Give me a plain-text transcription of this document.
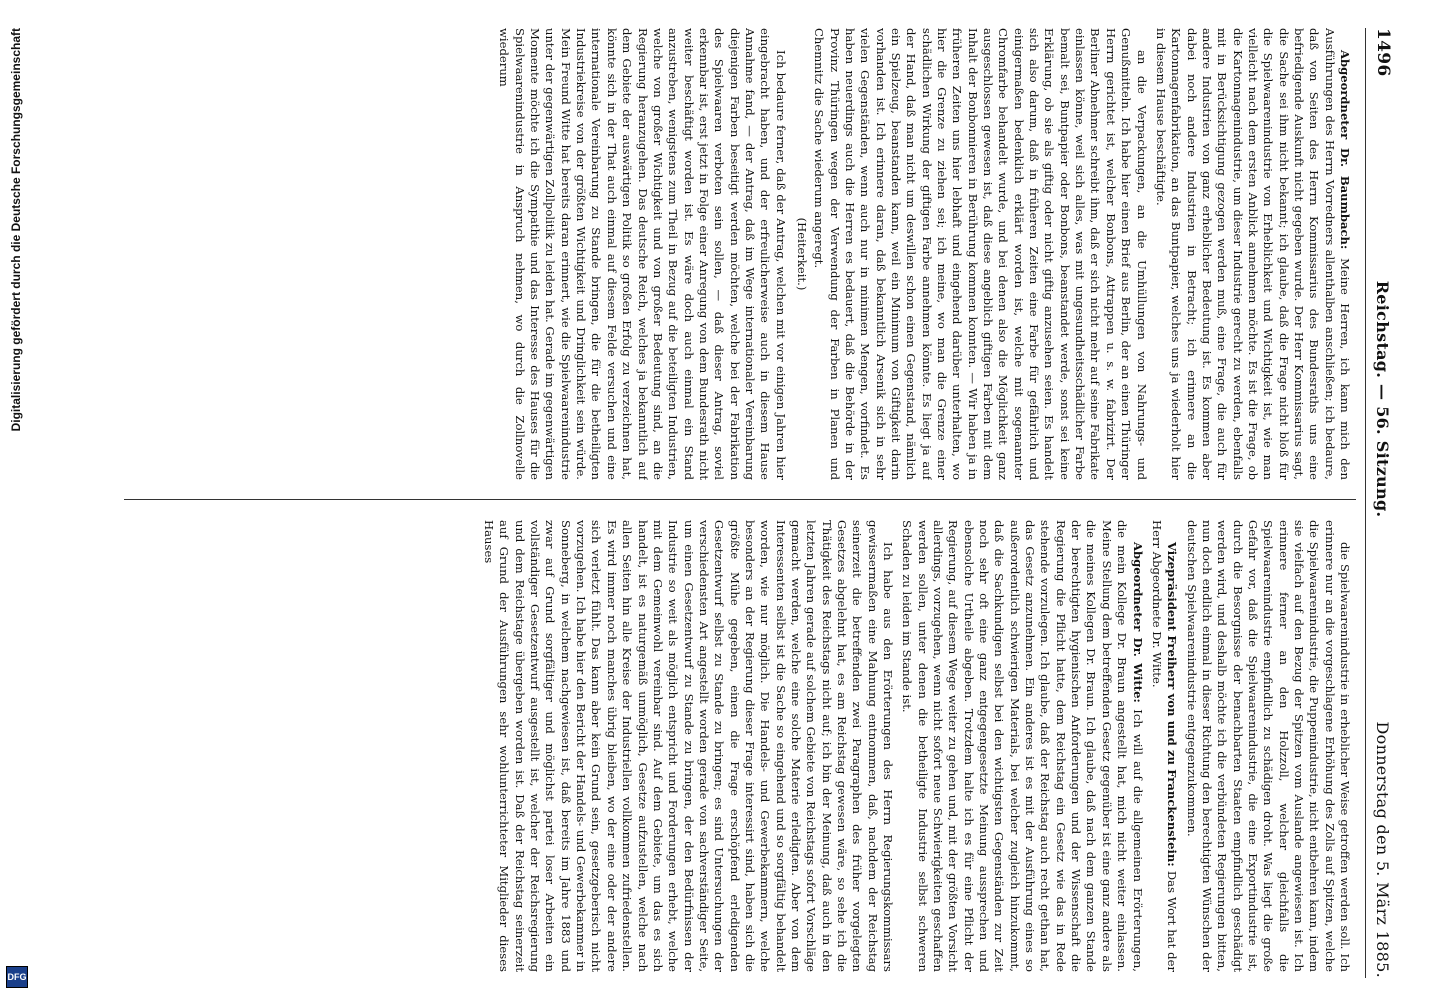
1496
Reichstag. — 56. Sitzung.
Donnerstag den 5. März 1885.

Abgeordneter Dr. Baumbach: Meine Herren, ich kann mich den Ausführungen des Herrn Vorredners allenthalben anschließen; ich bedaure, daß von Seiten des Herrn Kommissarius des Bundesraths uns eine befriedigende Auskunft nicht gegeben wurde. Der Herr Kommissarius sagt, die Sache sei ihm nicht bekannt; ich glaube, daß die Frage nicht bloß für die Spielwaarenindustrie von Erheblichkeit und Wichtigkeit ist, wie man vielleicht nach dem ersten Anblick annehmen möchte. Es ist die Frage, ob die Kartonnagenindustrie, um dieser Industrie gerecht zu werden, ebenfalls mit in Berücksichtigung gezogen werden muß, eine Frage, die auch für andere Industrien von ganz erheblicher Bedeutung ist. Es kommen aber dabei noch andere Industrien in Betracht; ich erinnere an die Kartonnagenfabrikation, an das Buntpapier, welches uns ja wiederholt hier in diesem Hause beschäftigte.

an die Verpackungen, an die Umhüllungen von Nahrungs- und Genußmitteln. Ich habe hier einen Brief aus Berlin, der an einen Thüringer Herrn gerichtet ist, welcher Bonbons, Attrappen u. s. w. fabrizirt. Der Berliner Abnehmer schreibt ihm, daß er sich nicht mehr auf seine Fabrikate einlassen könne, weil sich alles, was mit ungesundheitsschädlicher Farbe bemalt sei, Buntpapier oder Bonbons, beanstandet werde, sonst sei keine Erklärung, ob sie als giftig oder nicht giftig anzusehen seien. Es handelt sich also darum, daß in früheren Zeiten eine Farbe für gefährlich und einigermaßen bedenklich erklärt worden ist, welche mit sogenannter Chromfarbe behandelt wurde, und bei denen also die Möglichkeit ganz ausgeschlossen gewesen ist, daß diese angeblich giftigen Farben mit dem Inhalt der Bonbonnieren in Berührung kommen konnten. — Wir haben ja in früheren Zeiten uns hier lebhaft und eingehend darüber unterhalten, wo hier die Grenze zu ziehen sei; ich meine, wo man die Grenze einer schädlichen Wirkung der giftigen Farbe annehmen könnte. Es liegt ja auf der Hand, daß man nicht um deswillen schon einen Gegenstand, nämlich ein Spielzeug, beanstanden kann, weil ein Minimum von Giftigkeit darin vorhanden ist. Ich erinnere daran, daß bekanntlich Arsenik sich in sehr vielen Gegenständen, wenn auch nur in minimen Mengen, vorfindet. Es haben neuerdings auch die Herren es bedauert, daß die Behörde in der Provinz Thüringen wegen der Verwendung der Farben in Planen und Chemnitz die Sache wiederum angeregt.

(Heiterkeit.)

Ich bedaure ferner, daß der Antrag, welchen mit vor einigen Jahren hier eingebracht haben, und der erfreulicherweise auch in diesem Hause Annahme fand, — der Antrag, daß im Wege internationaler Vereinbarung diejenigen Farben beseitigt werden möchten, welche bei der Fabrikation des Spielwaaren verboten sein sollen, — daß dieser Antrag, soviel erkennbar ist, erst jetzt in Folge einer Anregung von dem Bundesrath nicht weiter beschäftigt worden ist. Es wäre doch auch einmal ein Stand anzustreben, wenigstens zum Theil in Bezug auf die beteiligten Industrien, welche von großer Wichtigkeit und von großer Bedeutung sind, an die Regierung heranzugehen. Das deutsche Reich, welches ja bekanntlich auf dem Gebiete der auswärtigen Politik so großen Erfolg zu verzeichnen hat, könnte sich in der That auch einmal auf diesem Felde versuchen und eine internationale Vereinbarung zu Stande bringen, die für die betheiligten Industriekreise von der größten Wichtigkeit und Dringlichkeit sein würde. Mein Freund Witte hat bereits daran erinnert, wie die Spielwaarenindustrie unter der gegenwärtigen Zollpolitik zu leiden hat. Gerade im gegenwärtigen Momente möchte ich die Sympathie und das Interesse des Hauses für die Spielwaarenindustrie in Anspruch nehmen, wo durch die Zollnovelle wiederum

die Spielwaarenindustrie in erheblicher Weise getroffen werden soll. Ich erinnere nur an die vorgeschlagene Erhöhung des Zolls auf Spitzen, welche die Spielwaarenindustrie, die Puppenindustrie, nicht entbehren kann, indem sie vielfach auf den Bezug der Spitzen vom Auslande angewiesen ist. Ich erinnere ferner an den Holzzoll, welcher gleichfalls die Spielwaarenindustrie empfindlich zu schädigen droht. Was liegt die große Gefahr vor, daß die Spielwaarenindustrie, die eine Exportindustrie ist, durch die Besorgnisse der benachbarten Staaten empfindlich geschädigt werden wird, und deshalb möchte ich die verbündeten Regierungen bitten, nun doch endlich einmal in dieser Richtung den berechtigten Wünschen der deutschen Spielwaarenindustrie entgegenzukommen.

Vizepräsident Freiherr von und zu Franckenstein: Das Wort hat der Herr Abgeordnete Dr. Witte.

Abgeordneter Dr. Witte: Ich will auf die allgemeinen Erörterungen, die mein Kollege Dr. Braun angestellt hat, mich nicht weiter einlassen. Meine Stellung dem betreffenden Gesetz gegenüber ist eine ganz andere als die meines Kollegen Dr. Braun. Ich glaube, daß nach dem ganzen Stande der berechtigten hygienischen Anforderungen und der Wissenschaft die Regierung die Pflicht hatte, dem Reichstag ein Gesetz wie das in Rede stehende vorzulegen. Ich glaube, daß der Reichstag auch recht gethan hat, das Gesetz anzunehmen. Ein anderes ist es mit der Ausführung eines so außerordentlich schwierigen Materials, bei welcher zugleich hinzukommt, daß die Sachkundigen selbst bei den wichtigsten Gegenständen zur Zeit noch sehr oft eine ganz entgegengesetzte Meinung aussprechen und ebensolche Urtheile abgeben. Trotzdem halte ich es für eine Pflicht der Regierung, auf diesem Wege weiter zu gehen und, mit der größten Vorsicht allerdings, vorzugehen, wenn nicht sofort neue Schwierigkeiten geschaffen werden sollen, unter denen die betheiligte Industrie selbst schweren Schaden zu leiden im Stande ist.

Ich habe aus den Erörterungen des Herrn Regierungskommissars gewissermaßen eine Mahnung entnommen, daß, nachdem der Reichstag seinerzeit die betreffenden zwei Paragraphen des früher vorgelegten Gesetzes abgelehnt hat, es am Reichstag gewesen wäre, so sehe ich die Thätigkeit des Reichstags nicht auf; ich bin der Meinung, daß auch in den letzten Jahren gerade auf solchem Gebiete von Reichstags sofort Vorschläge gemacht werden, welche eine solche Materie erledigten. Aber von dem Interessenten selbst ist die Sache so eingehend und so sorgfältig behandelt worden, wie nur möglich. Die Handels- und Gewerbekammern, welche besonders an der Regierung dieser Frage interessirt sind, haben sich die größte Mühe gegeben, einen die Frage erschöpfend erledigenden Gesetzentwurf selbst zu Stande zu bringen; es sind Untersuchungen der verschiedensten Art angestellt worden gerade von sachverständiger Seite, um einen Gesetzentwurf zu Stande zu bringen, der den Bedürfnissen der Industrie so weit als möglich entspricht und Forderungen erhebt, welche mit dem Gemeinwohl vereinbar sind. Auf dem Gebiete, um das es sich handelt, ist es naturgemäß unmöglich, Gesetze aufzustellen, welche nach allen Seiten hin alle Kreise der Industriellen vollkommen zufriedenstellen. Es wird immer noch manches übrig bleiben, wo der eine oder der andere sich verletzt fühlt. Das kann aber kein Grund sein, gesetzgeberisch nicht vorzugehen. Ich habe hier den Bericht der Handels- und Gewerbekammer in Sonneberg, in welchem nachgewiesen ist, daß bereits im Jahre 1883 und zwar auf Grund sorgfältiger und möglichst partei loser Arbeiten ein vollständiger Gesetzentwurf ausgestellt ist, welcher der Reichsregierung und dem Reichstage übergeben worden ist. Daß der Reichstag seinerzeit auf Grund der Ausführungen sehr wohlunterrichteter Mitglieder dieses Hauses

Digitalisierung gefördert durch die Deutsche Forschungsgemeinschaft
DFG
